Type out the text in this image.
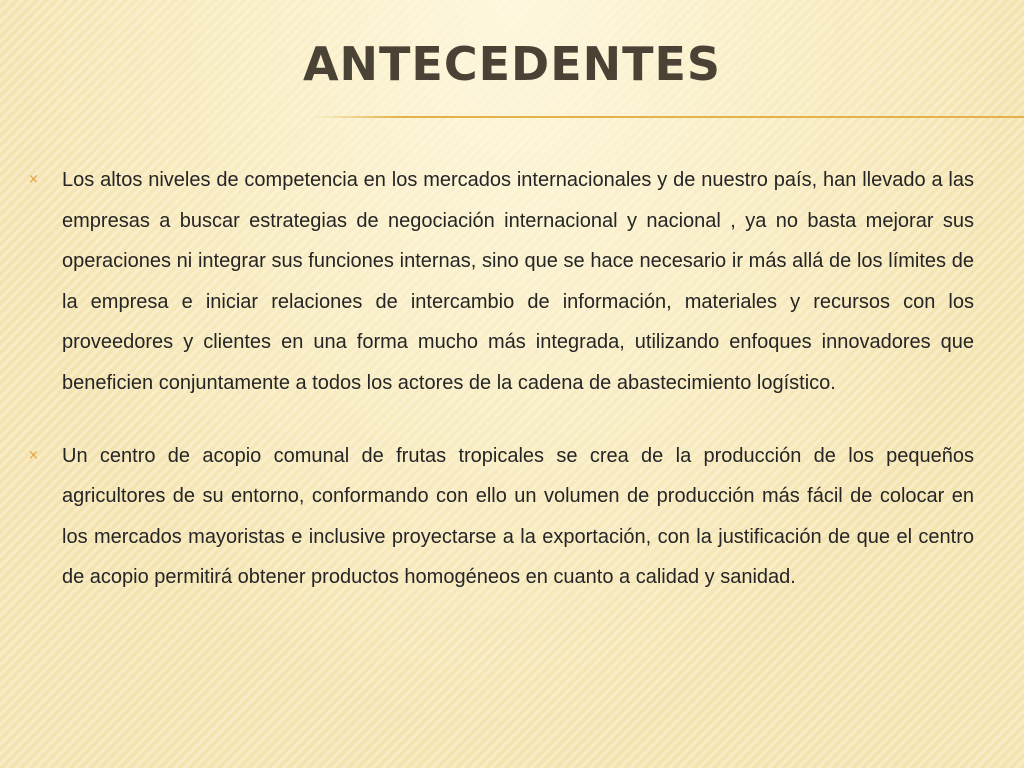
ANTECEDENTES
× Los altos niveles de competencia en los mercados internacionales y de nuestro país, han llevado a las empresas a buscar estrategias de negociación internacional y nacional , ya no basta mejorar sus operaciones ni integrar sus funciones internas, sino que se hace necesario ir más allá de los límites de la empresa e iniciar relaciones de intercambio de información, materiales y recursos con los proveedores y clientes en una forma mucho más integrada, utilizando enfoques innovadores que beneficien conjuntamente a todos los actores de la cadena de abastecimiento logístico.
× Un centro de acopio comunal de frutas tropicales se crea de la producción de los pequeños agricultores de su entorno, conformando con ello un volumen de producción más fácil de colocar en los mercados mayoristas e inclusive proyectarse a la exportación, con la justificación de que el centro de acopio permitirá obtener productos homogéneos en cuanto a calidad y sanidad.
